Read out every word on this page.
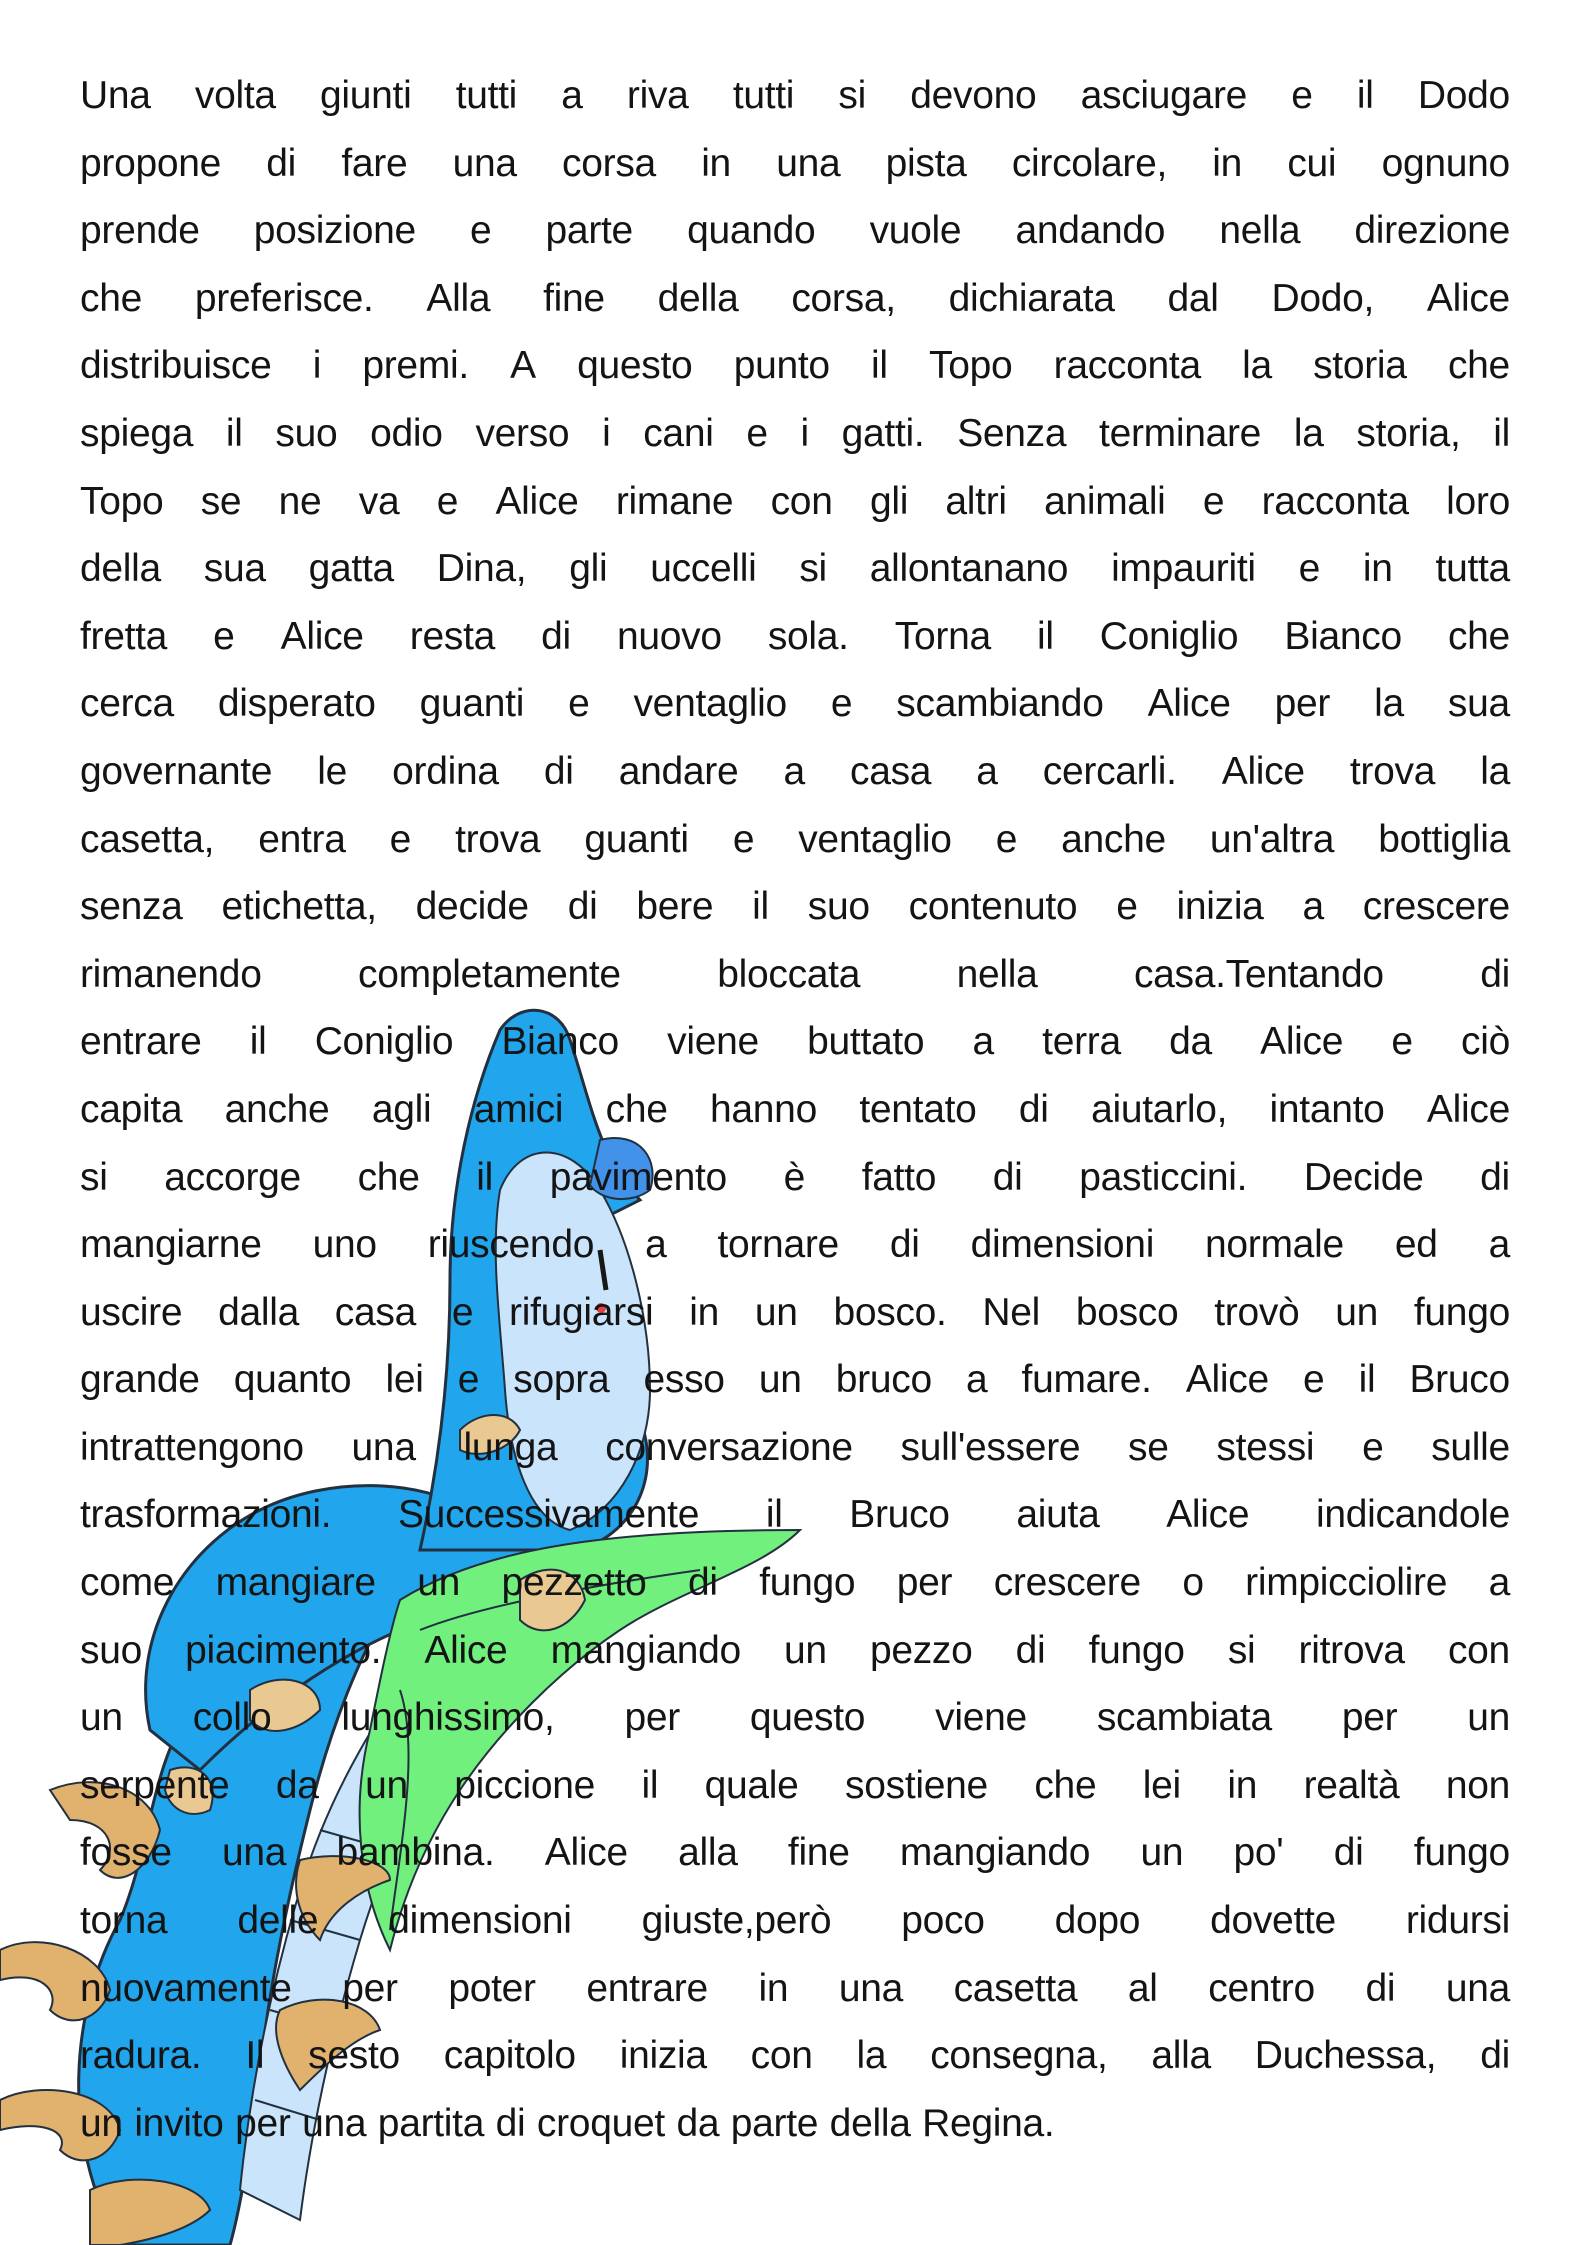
Una volta giunti tutti a riva tutti si devono asciugare e il Dodo
propone di fare una corsa in una pista circolare, in cui ognuno
prende posizione e parte quando vuole andando nella direzione
che preferisce. Alla fine della corsa, dichiarata dal Dodo, Alice
distribuisce i premi. A questo punto il Topo racconta la storia che
spiega il suo odio verso i cani e i gatti. Senza terminare la storia, il
Topo se ne va e Alice rimane con gli altri animali e racconta loro
della sua gatta Dina, gli uccelli si allontanano impauriti e in tutta
fretta e Alice resta di nuovo sola. Torna il Coniglio Bianco che
cerca disperato guanti e ventaglio e scambiando Alice per la sua
governante le ordina di andare a casa a cercarli. Alice trova la
casetta, entra e trova guanti e ventaglio e anche un'altra bottiglia
senza etichetta, decide di bere il suo contenuto e inizia a crescere
rimanendo completamente bloccata nella casa.Tentando di
entrare il Coniglio Bianco viene buttato a terra da Alice e ciò
capita anche agli amici che hanno tentato di aiutarlo, intanto Alice
si accorge che il pavimento è fatto di pasticcini. Decide di
mangiarne uno riuscendo a tornare di dimensioni normale ed a
uscire dalla casa e rifugiarsi in un bosco. Nel bosco trovò un fungo
grande quanto lei e sopra esso un bruco a fumare. Alice e il Bruco
intrattengono una lunga conversazione sull'essere se stessi e sulle
trasformazioni. Successivamente il Bruco aiuta Alice indicandole
come mangiare un pezzetto di fungo per crescere o rimpicciolire a
suo piacimento. Alice mangiando un pezzo di fungo si ritrova con
un collo lunghissimo, per questo viene scambiata per un
serpente da un piccione il quale sostiene che lei in realtà non
fosse una bambina. Alice alla fine mangiando un po' di fungo
torna delle dimensioni giuste,però poco dopo dovette ridursi
nuovamente per poter entrare in una casetta al centro di una
radura. Il sesto capitolo inizia con la consegna, alla Duchessa, di
un invito per una partita di croquet da parte della Regina.
